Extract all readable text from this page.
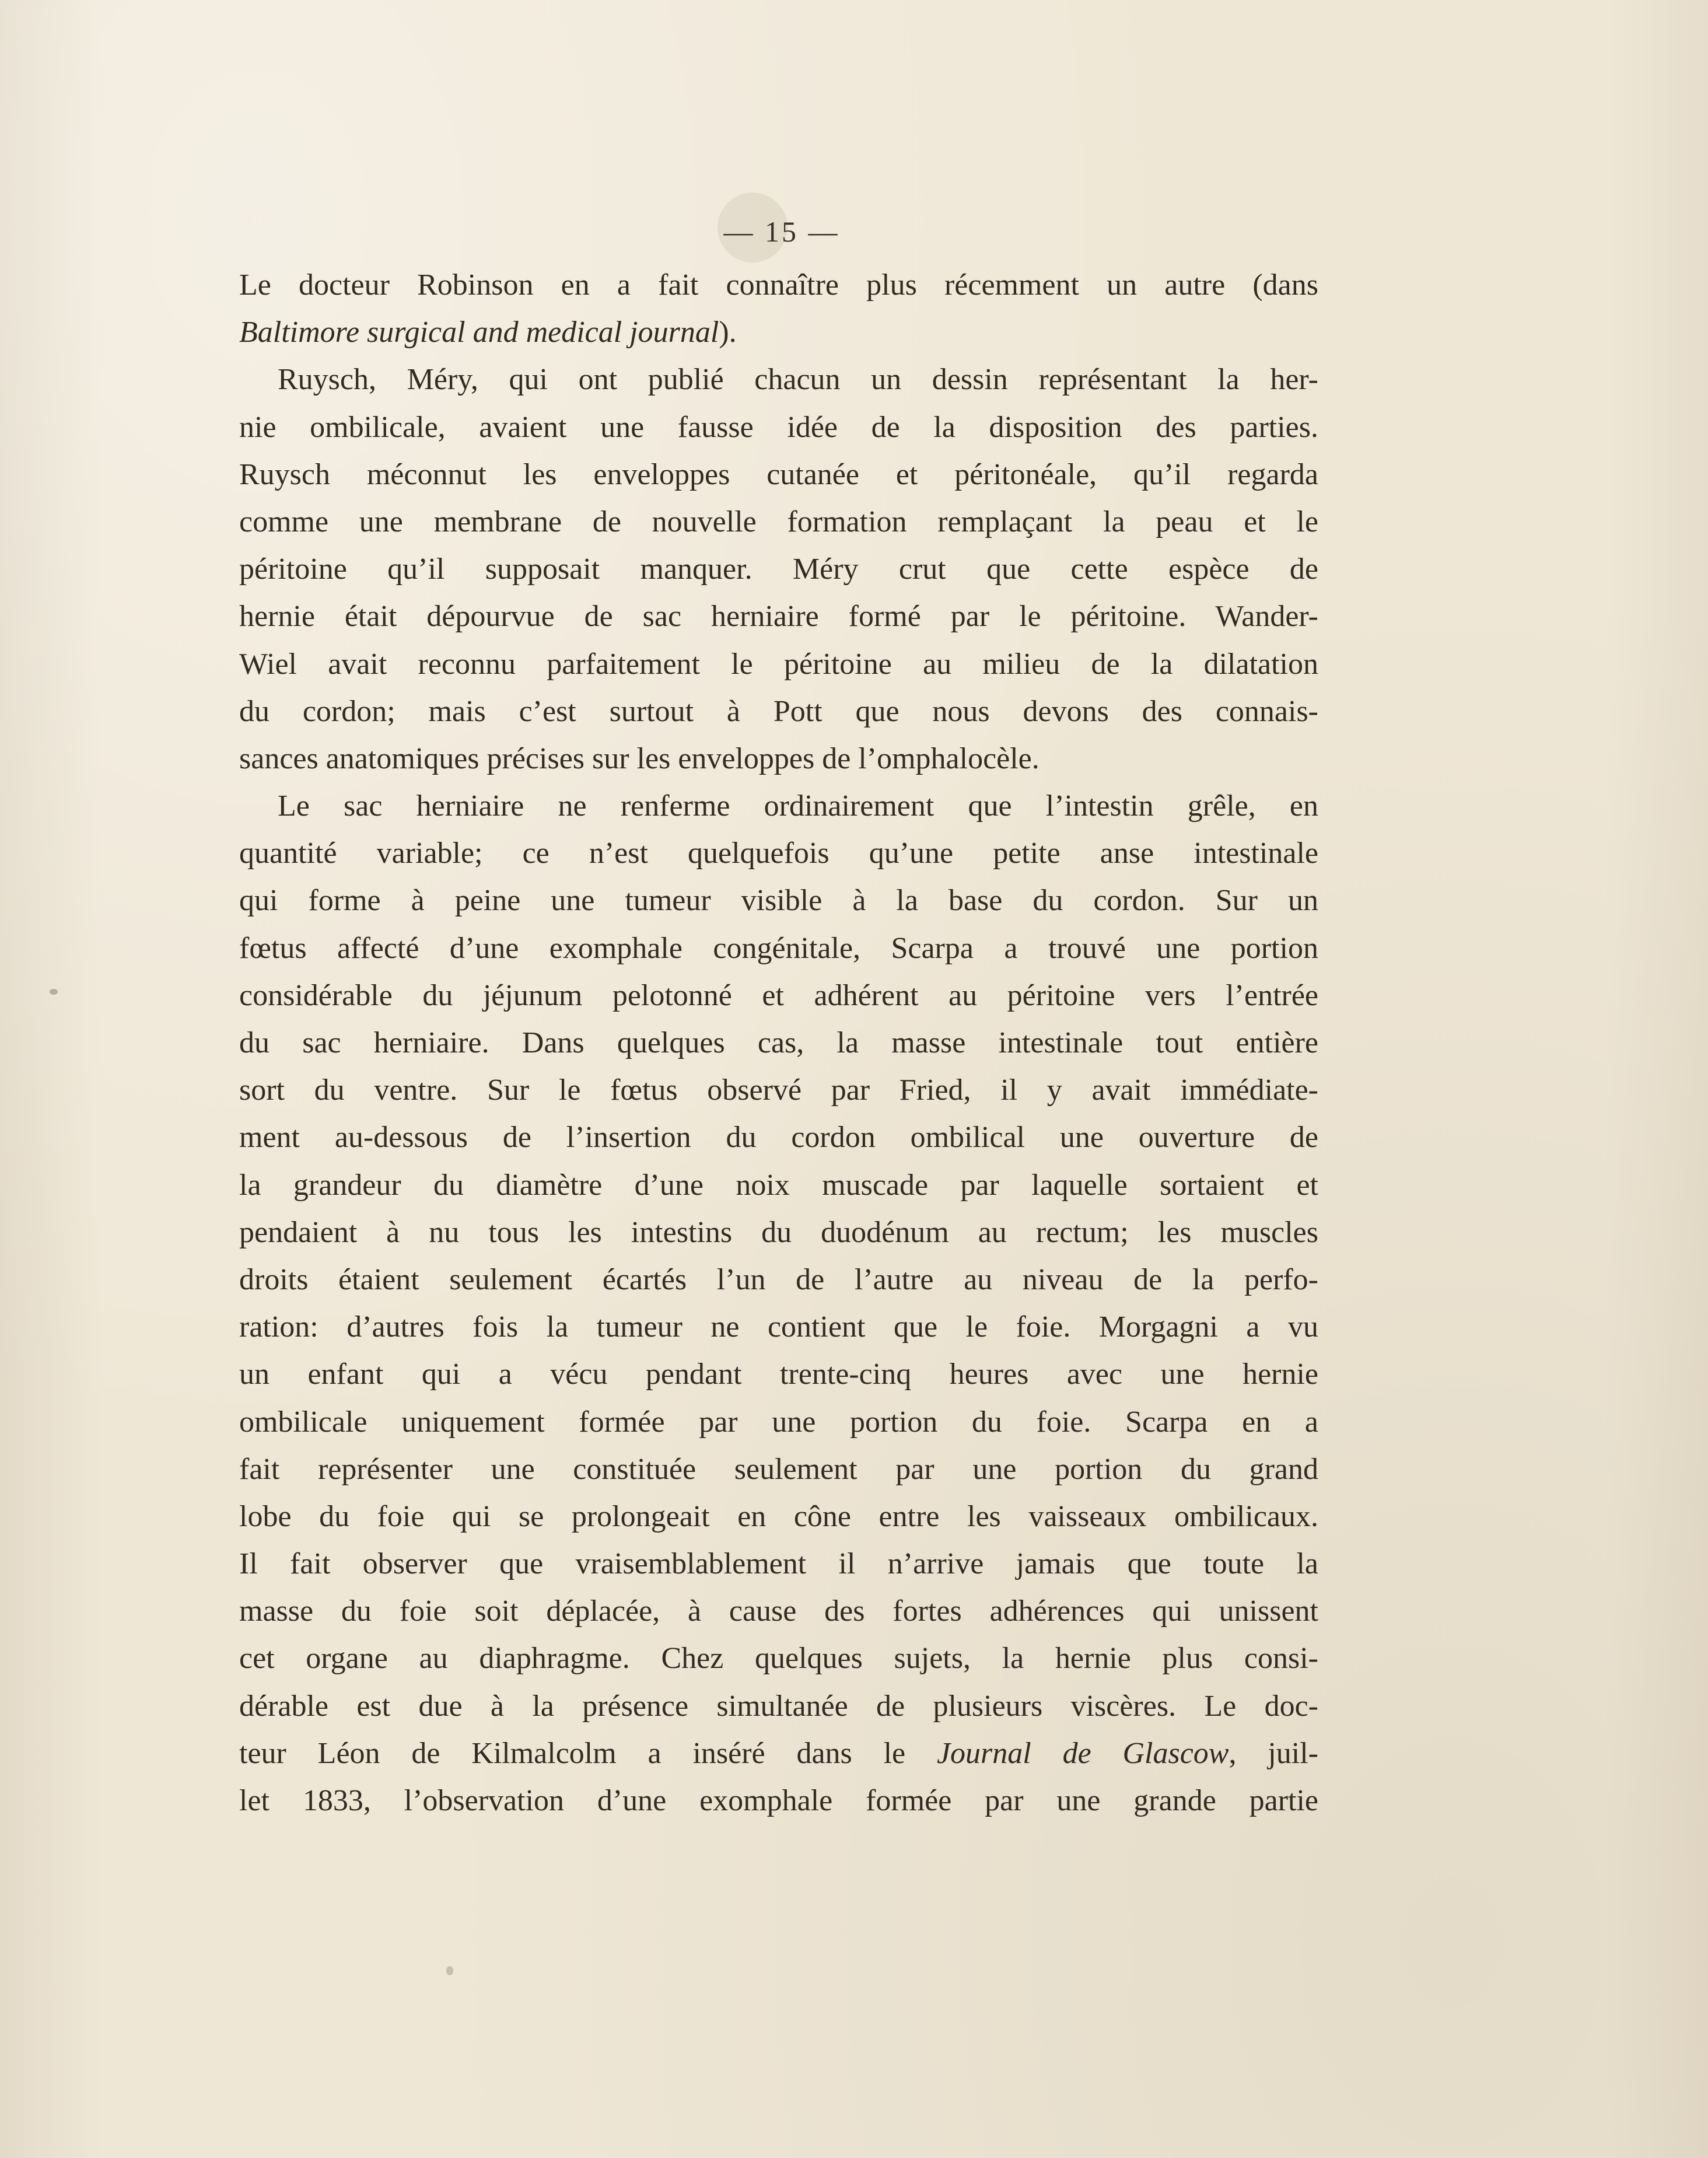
— 15 —
Le docteur Robinson en a fait connaître plus récemment un autre (dans
Baltimore surgical and medical journal).
Ruysch, Méry, qui ont publié chacun un dessin représentant la her-
nie ombilicale, avaient une fausse idée de la disposition des parties.
Ruysch méconnut les enveloppes cutanée et péritonéale, qu’il regarda
comme une membrane de nouvelle formation remplaçant la peau et le
péritoine qu’il supposait manquer. Méry crut que cette espèce de
hernie était dépourvue de sac herniaire formé par le péritoine. Wander-
Wiel avait reconnu parfaitement le péritoine au milieu de la dilatation
du cordon; mais c’est surtout à Pott que nous devons des connais-
sances anatomiques précises sur les enveloppes de l’omphalocèle.
Le sac herniaire ne renferme ordinairement que l’intestin grêle, en
quantité variable; ce n’est quelquefois qu’une petite anse intestinale
qui forme à peine une tumeur visible à la base du cordon. Sur un
fœtus affecté d’une exomphale congénitale, Scarpa a trouvé une portion
considérable du jéjunum pelotonné et adhérent au péritoine vers l’entrée
du sac herniaire. Dans quelques cas, la masse intestinale tout entière
sort du ventre. Sur le fœtus observé par Fried, il y avait immédiate-
ment au-dessous de l’insertion du cordon ombilical une ouverture de
la grandeur du diamètre d’une noix muscade par laquelle sortaient et
pendaient à nu tous les intestins du duodénum au rectum; les muscles
droits étaient seulement écartés l’un de l’autre au niveau de la perfo-
ration: d’autres fois la tumeur ne contient que le foie. Morgagni a vu
un enfant qui a vécu pendant trente-cinq heures avec une hernie
ombilicale uniquement formée par une portion du foie. Scarpa en a
fait représenter une constituée seulement par une portion du grand
lobe du foie qui se prolongeait en cône entre les vaisseaux ombilicaux.
Il fait observer que vraisemblablement il n’arrive jamais que toute la
masse du foie soit déplacée, à cause des fortes adhérences qui unissent
cet organe au diaphragme. Chez quelques sujets, la hernie plus consi-
dérable est due à la présence simultanée de plusieurs viscères. Le doc-
teur Léon de Kilmalcolm a inséré dans le Journal de Glascow, juil-
let 1833, l’observation d’une exomphale formée par une grande partie
